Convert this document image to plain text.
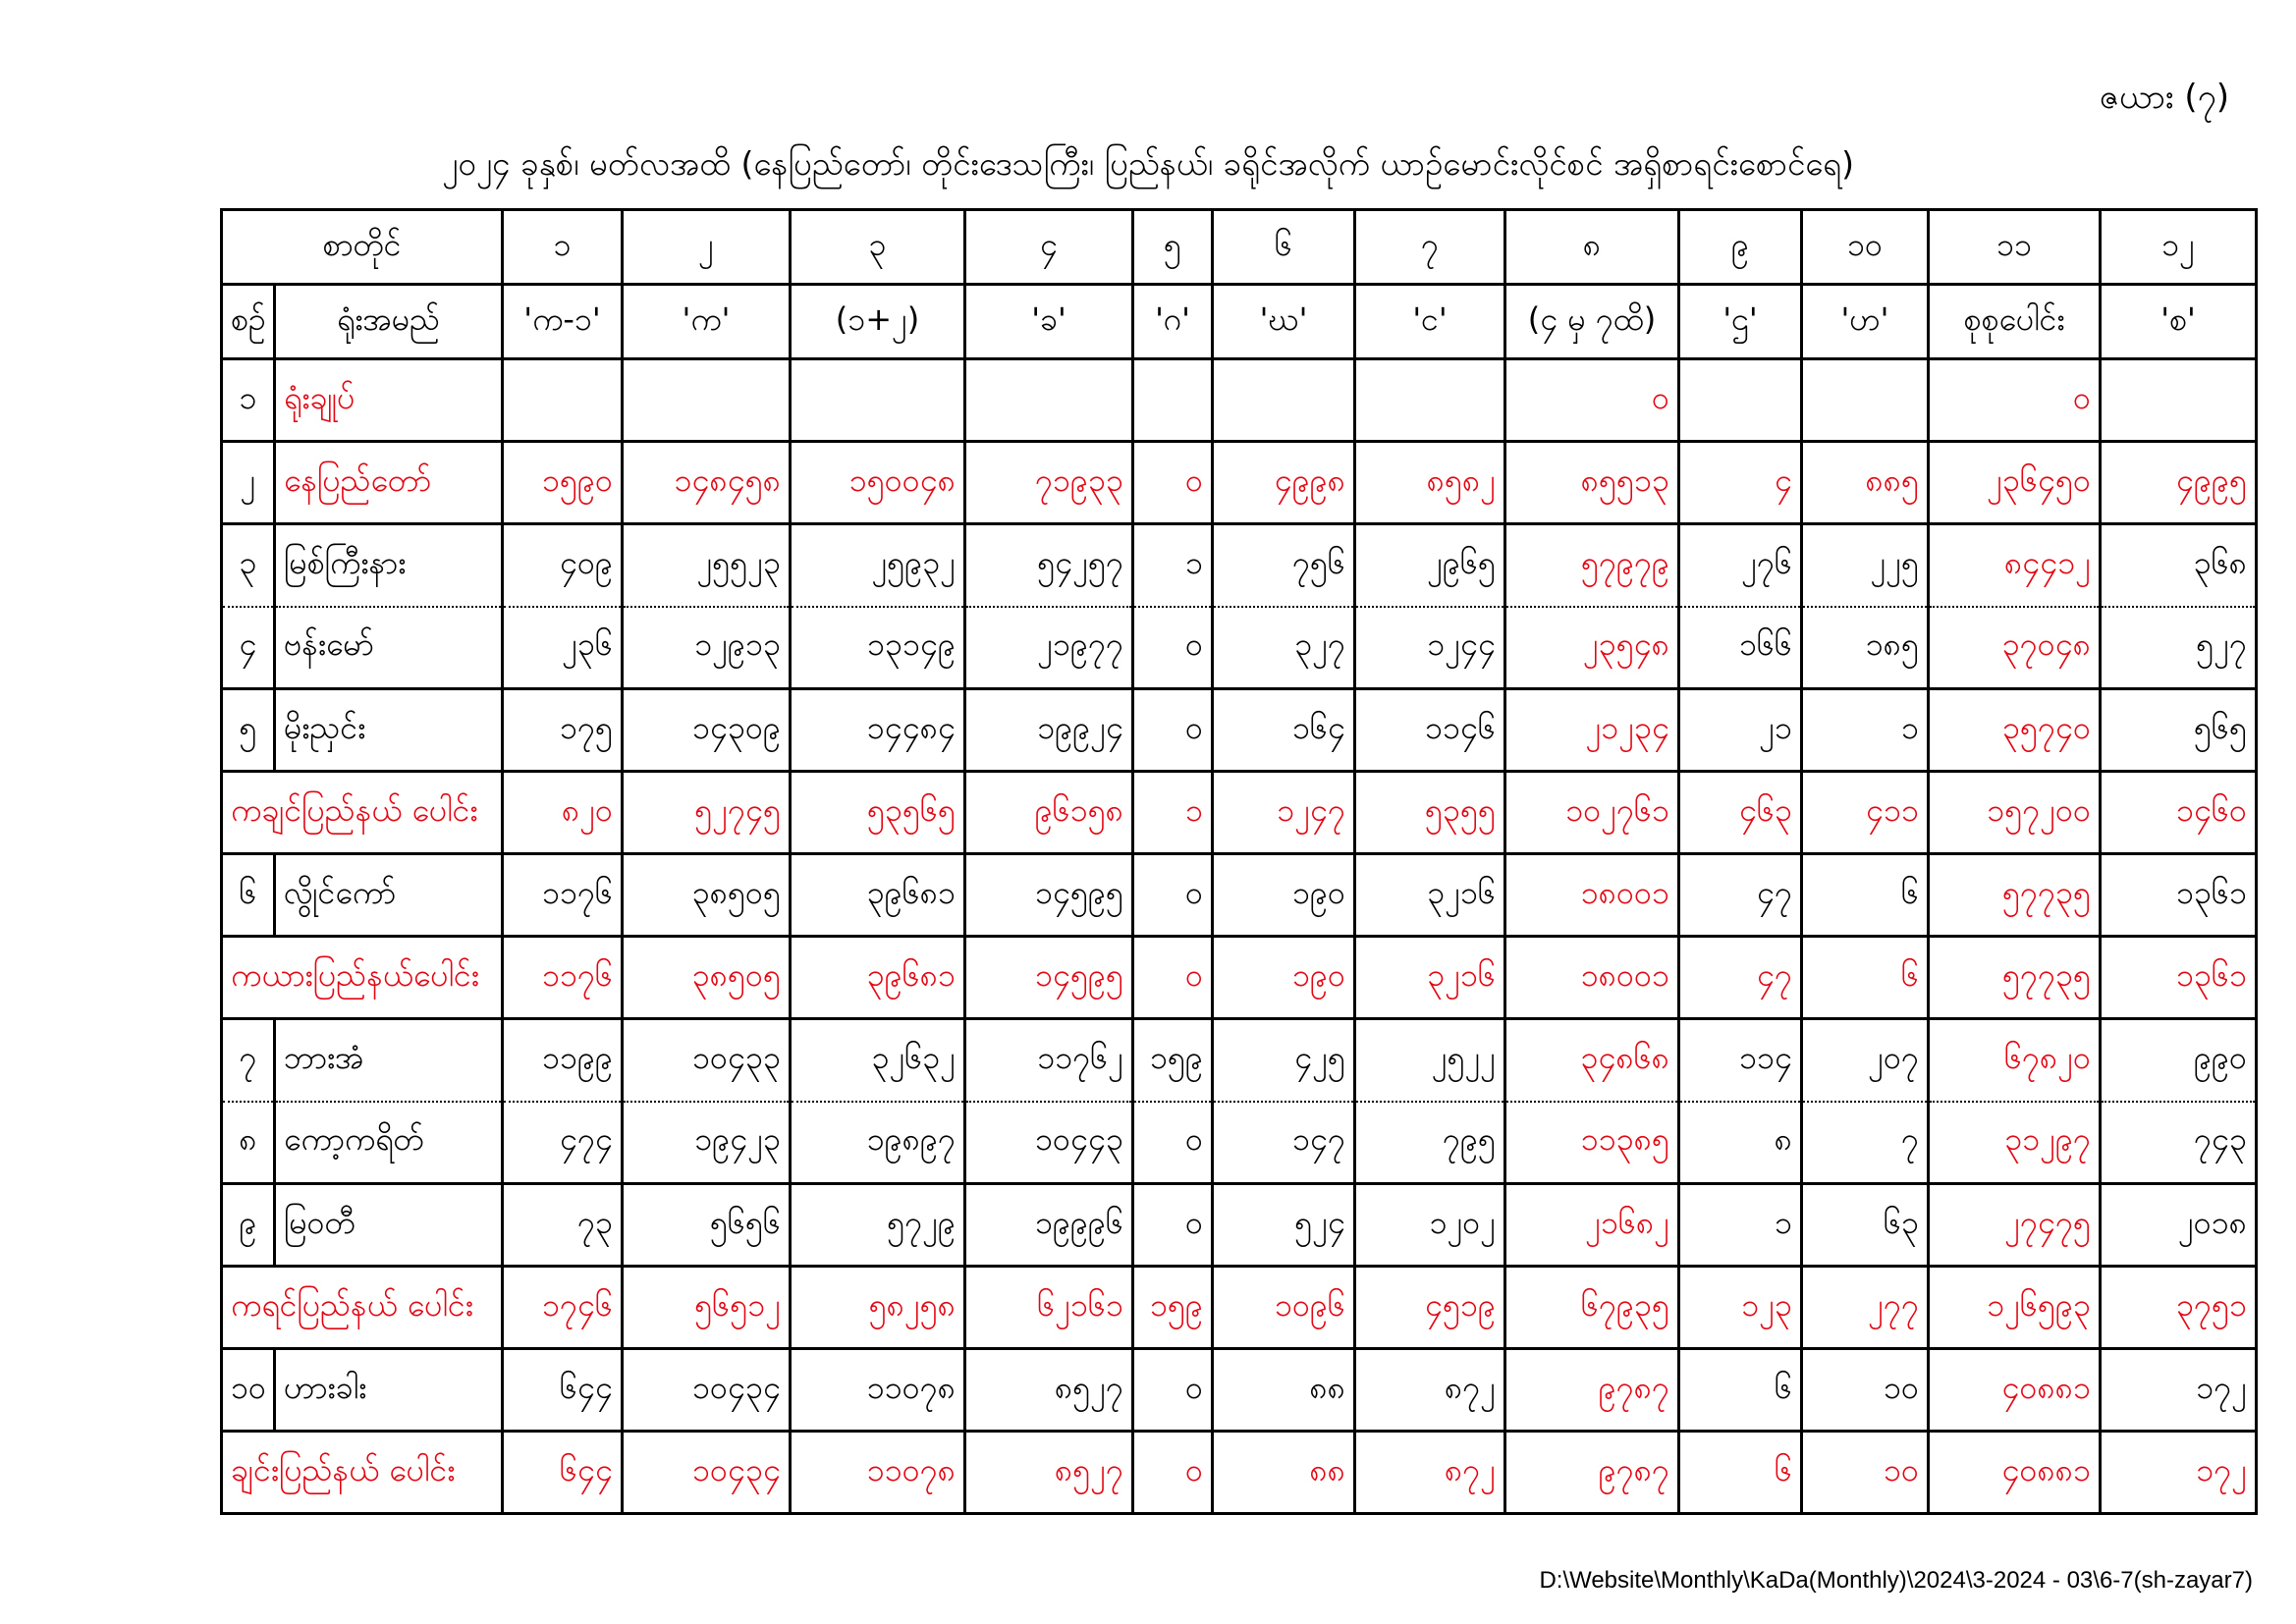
ဇယား (၇)
၂၀၂၄ ခုနှစ်၊ မတ်လအထိ (နေပြည်တော်၊ တိုင်းဒေသကြီး၊ ပြည်နယ်၊ ခရိုင်အလိုက် ယာဉ်မောင်းလိုင်စင် အရှိစာရင်းစောင်ရေ)
စာတိုင်		၁	၂	၃	၄	၅	၆	၇	၈	၉	၁၀	၁၁	၁၂
စဉ်	ရုံးအမည်	'က-၁'	'က'	(၁+၂)	'ခ'	'ဂ'	'ဃ'	'င'	(၄ မှ ၇ထိ)	'ဌ'	'ဟ'	စုစုပေါင်း	'စ'
၁	ရုံးချုပ်								၀			၀	
၂	နေပြည်တော်	၁၅၉၀	၁၄၈၄၅၈	၁၅၀၀၄၈	၇၁၉၃၃	၀	၄၉၉၈	၈၅၈၂	၈၅၅၁၃	၄	၈၈၅	၂၃၆၄၅၀	၄၉၉၅
၃	မြစ်ကြီးနား	၄၀၉	၂၅၅၂၃	၂၅၉၃၂	၅၄၂၅၇	၁	၇၅၆	၂၉၆၅	၅၇၉၇၉	၂၇၆	၂၂၅	၈၄၄၁၂	၃၆၈
၄	ဗန်းမော်	၂၃၆	၁၂၉၁၃	၁၃၁၄၉	၂၁၉၇၇	၀	၃၂၇	၁၂၄၄	၂၃၅၄၈	၁၆၆	၁၈၅	၃၇၀၄၈	၅၂၇
၅	မိုးညှင်း	၁၇၅	၁၄၃၀၉	၁၄၄၈၄	၁၉၉၂၄	၀	၁၆၄	၁၁၄၆	၂၁၂၃၄	၂၁	၁	၃၅၇၄၀	၅၆၅
ကချင်ပြည်နယ် ပေါင်း		၈၂၀	၅၂၇၄၅	၅၃၅၆၅	၉၆၁၅၈	၁	၁၂၄၇	၅၃၅၅	၁၀၂၇၆၁	၄၆၃	၄၁၁	၁၅၇၂၀၀	၁၄၆၀
၆	လွိုင်ကော်	၁၁၇၆	၃၈၅၀၅	၃၉၆၈၁	၁၄၅၉၅	၀	၁၉၀	၃၂၁၆	၁၈၀၀၁	၄၇	၆	၅၇၇၃၅	၁၃၆၁
ကယားပြည်နယ်ပေါင်း		၁၁၇၆	၃၈၅၀၅	၃၉၆၈၁	၁၄၅၉၅	၀	၁၉၀	၃၂၁၆	၁၈၀၀၁	၄၇	၆	၅၇၇၃၅	၁၃၆၁
၇	ဘားအံ	၁၁၉၉	၁၀၄၃၃	၃၂၆၃၂	၁၁၇၆၂	၁၅၉	၄၂၅	၂၅၂၂	၃၄၈၆၈	၁၁၄	၂၀၇	၆၇၈၂၀	၉၉၀
၈	ကော့ကရိတ်	၄၇၄	၁၉၄၂၃	၁၉၈၉၇	၁၀၄၄၃	၀	၁၄၇	၇၉၅	၁၁၃၈၅	၈	၇	၃၁၂၉၇	၇၄၃
၉	မြဝတီ	၇၃	၅၆၅၆	၅၇၂၉	၁၉၉၉၆	၀	၅၂၄	၁၂၀၂	၂၁၆၈၂	၁	၆၃	၂၇၄၇၅	၂၀၁၈
ကရင်ပြည်နယ် ပေါင်း		၁၇၄၆	၅၆၅၁၂	၅၈၂၅၈	၆၂၁၆၁	၁၅၉	၁၀၉၆	၄၅၁၉	၆၇၉၃၅	၁၂၃	၂၇၇	၁၂၆၅၉၃	၃၇၅၁
၁၀	ဟားခါး	၆၄၄	၁၀၄၃၄	၁၁၀၇၈	၈၅၂၇	၀	၈၈	၈၇၂	၉၇၈၇	၆	၁၀	၄၀၈၈၁	၁၇၂
ချင်းပြည်နယ် ပေါင်း		၆၄၄	၁၀၄၃၄	၁၁၀၇၈	၈၅၂၇	၀	၈၈	၈၇၂	၉၇၈၇	၆	၁၀	၄၀၈၈၁	၁၇၂
D:\Website\Monthly\KaDa(Monthly)\2024\3-2024 - 03\6-7(sh-zayar7)
